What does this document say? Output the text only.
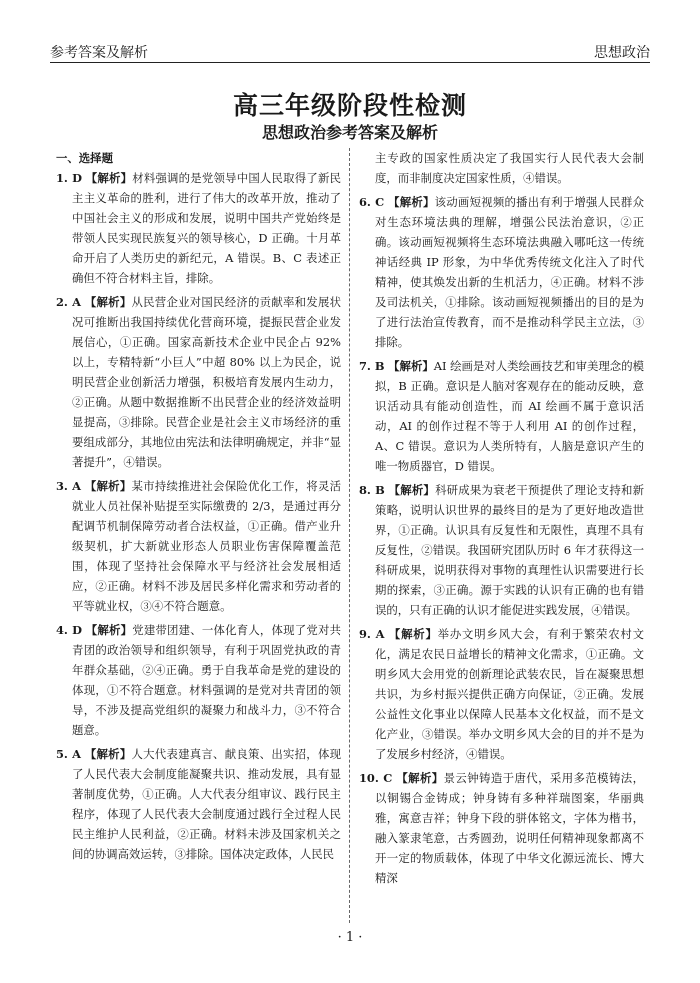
参考答案及解析	思想政治
高三年级阶段性检测
思想政治参考答案及解析
一、选择题

1. D 【解析】材料强调的是党领导中国人民取得了新民主主义革命的胜利，进行了伟大的改革开放，推动了中国社会主义的形成和发展，说明中国共产党始终是带领人民实现民族复兴的领导核心，D 正确。十月革命开启了人类历史的新纪元，A 错误。B、C 表述正确但不符合材料主旨，排除。

2. A 【解析】从民营企业对国民经济的贡献率和发展状况可推断出我国持续优化营商环境，提振民营企业发展信心，①正确。国家高新技术企业中民企占 92% 以上，专精特新“小巨人”中超 80% 以上为民企，说明民营企业创新活力增强，积极培育发展内生动力，②正确。从题中数据推断不出民营企业的经济效益明显提高，③排除。民营企业是社会主义市场经济的重要组成部分，其地位由宪法和法律明确规定，并非“显著提升”，④错误。

3. A 【解析】某市持续推进社会保险优化工作，将灵活就业人员社保补贴提至实际缴费的 2/3，是通过再分配调节机制保障劳动者合法权益，①正确。借产业升级契机，扩大新就业形态人员职业伤害保障覆盖范围，体现了坚持社会保障水平与经济社会发展相适应，②正确。材料不涉及居民多样化需求和劳动者的平等就业权，③④不符合题意。

4. D 【解析】党建带团建、一体化育人，体现了党对共青团的政治领导和组织领导，有利于巩固党执政的青年群众基础，②④正确。勇于自我革命是党的建设的体现，①不符合题意。材料强调的是党对共青团的领导，不涉及提高党组织的凝聚力和战斗力，③不符合题意。

5. A 【解析】人大代表建真言、献良策、出实招，体现了人民代表大会制度能凝聚共识、推动发展，具有显著制度优势，①正确。人大代表分组审议、践行民主程序，体现了人民代表大会制度通过践行全过程人民民主维护人民利益，②正确。材料未涉及国家机关之间的协调高效运转，③排除。国体决定政体，人民民

主专政的国家性质决定了我国实行人民代表大会制度，而非制度决定国家性质，④错误。

6. C 【解析】该动画短视频的播出有利于增强人民群众对生态环境法典的理解，增强公民法治意识，②正确。该动画短视频将生态环境法典融入哪吒这一传统神话经典 IP 形象，为中华优秀传统文化注入了时代精神，使其焕发出新的生机活力，④正确。材料不涉及司法机关，①排除。该动画短视频播出的目的是为了进行法治宣传教育，而不是推动科学民主立法，③排除。

7. B 【解析】AI 绘画是对人类绘画技艺和审美理念的模拟，B 正确。意识是人脑对客观存在的能动反映，意识活动具有能动创造性，而 AI 绘画不属于意识活动，AI 的创作过程不等于人利用 AI 的创作过程，A、C 错误。意识为人类所特有，人脑是意识产生的唯一物质器官，D 错误。

8. B 【解析】科研成果为衰老干预提供了理论支持和新策略，说明认识世界的最终目的是为了更好地改造世界，①正确。认识具有反复性和无限性，真理不具有反复性，②错误。我国研究团队历时 6 年才获得这一科研成果，说明获得对事物的真理性认识需要进行长期的探索，③正确。源于实践的认识有正确的也有错误的，只有正确的认识才能促进实践发展，④错误。

9. A 【解析】举办文明乡风大会，有利于繁荣农村文化，满足农民日益增长的精神文化需求，①正确。文明乡风大会用党的创新理论武装农民，旨在凝聚思想共识，为乡村振兴提供正确方向保证，②正确。发展公益性文化事业以保障人民基本文化权益，而不是文化产业，③错误。举办文明乡风大会的目的并不是为了发展乡村经济，④错误。

10. C 【解析】景云钟铸造于唐代，采用多范模铸法，以铜锡合金铸成；钟身铸有多种祥瑞图案，华丽典雅，寓意吉祥；钟身下段的骈体铭文，字体为楷书，融入篆隶笔意，古秀圆劲，说明任何精神现象都离不开一定的物质载体，体现了中华文化源远流长、博大精深

· 1 ·
